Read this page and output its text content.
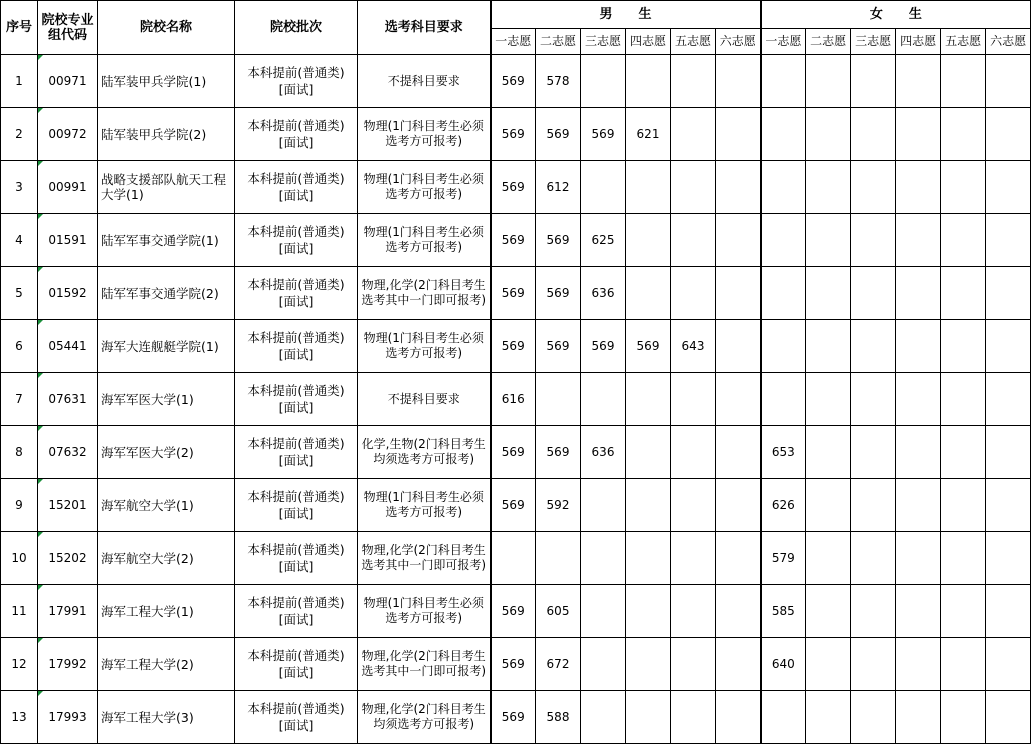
序号	院校专业组代码	院校名称	院校批次	选考科目要求	男　　生						女　　生					
					一志愿	二志愿	三志愿	四志愿	五志愿	六志愿	一志愿	二志愿	三志愿	四志愿	五志愿	六志愿
1	00971	陆军装甲兵学院(1)	本科提前(普通类)
[面试]	不提科目要求	569	578										
2	00972	陆军装甲兵学院(2)	本科提前(普通类)
[面试]	物理(1门科目考生必须选考方可报考)	569	569	569	621								
3	00991	战略支援部队航天工程大学(1)	本科提前(普通类)
[面试]	物理(1门科目考生必须选考方可报考)	569	612										
4	01591	陆军军事交通学院(1)	本科提前(普通类)
[面试]	物理(1门科目考生必须选考方可报考)	569	569	625									
5	01592	陆军军事交通学院(2)	本科提前(普通类)
[面试]	物理,化学(2门科目考生选考其中一门即可报考)	569	569	636									
6	05441	海军大连舰艇学院(1)	本科提前(普通类)
[面试]	物理(1门科目考生必须选考方可报考)	569	569	569	569	643							
7	07631	海军军医大学(1)	本科提前(普通类)
[面试]	不提科目要求	616											
8	07632	海军军医大学(2)	本科提前(普通类)
[面试]	化学,生物(2门科目考生均须选考方可报考)	569	569	636				653					
9	15201	海军航空大学(1)	本科提前(普通类)
[面试]	物理(1门科目考生必须选考方可报考)	569	592					626					
10	15202	海军航空大学(2)	本科提前(普通类)
[面试]	物理,化学(2门科目考生选考其中一门即可报考)							579					
11	17991	海军工程大学(1)	本科提前(普通类)
[面试]	物理(1门科目考生必须选考方可报考)	569	605					585					
12	17992	海军工程大学(2)	本科提前(普通类)
[面试]	物理,化学(2门科目考生选考其中一门即可报考)	569	672					640					
13	17993	海军工程大学(3)	本科提前(普通类)
[面试]	物理,化学(2门科目考生均须选考方可报考)	569	588										
